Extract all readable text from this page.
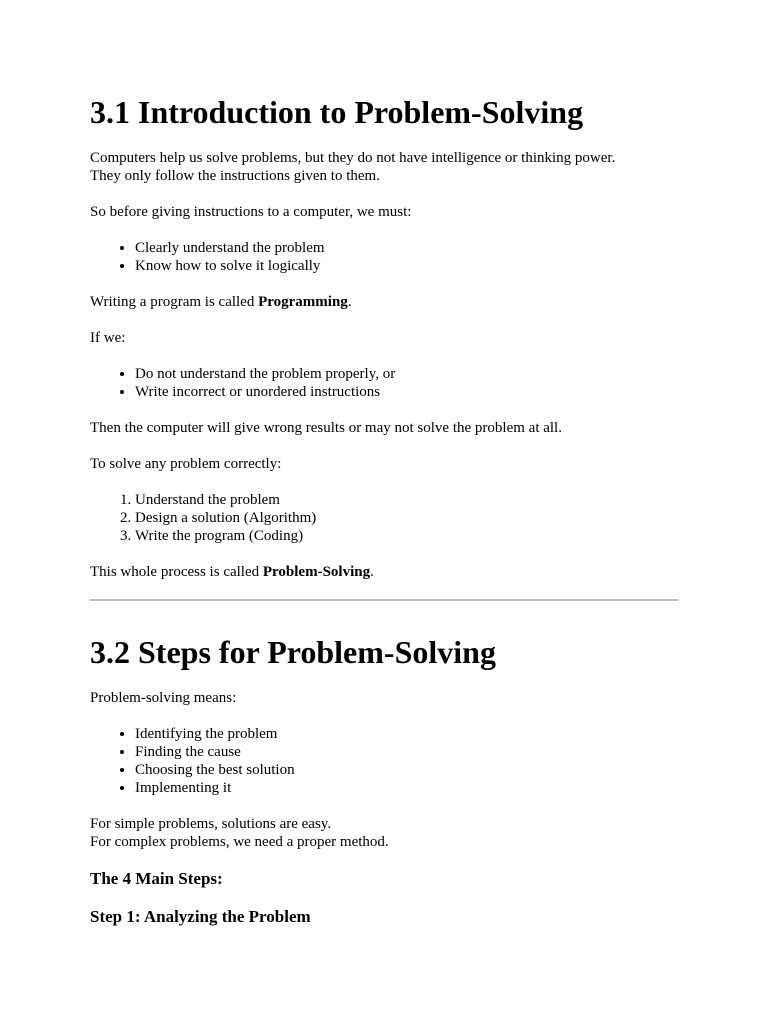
3.1 Introduction to Problem-Solving

Computers help us solve problems, but they do not have intelligence or thinking power.
They only follow the instructions given to them.

So before giving instructions to a computer, we must:

• Clearly understand the problem
• Know how to solve it logically

Writing a program is called Programming.

If we:

• Do not understand the problem properly, or
• Write incorrect or unordered instructions

Then the computer will give wrong results or may not solve the problem at all.

To solve any problem correctly:

1. Understand the problem
2. Design a solution (Algorithm)
3. Write the program (Coding)

This whole process is called Problem-Solving.

3.2 Steps for Problem-Solving

Problem-solving means:

• Identifying the problem
• Finding the cause
• Choosing the best solution
• Implementing it

For simple problems, solutions are easy.
For complex problems, we need a proper method.

The 4 Main Steps:
Step 1: Analyzing the Problem
